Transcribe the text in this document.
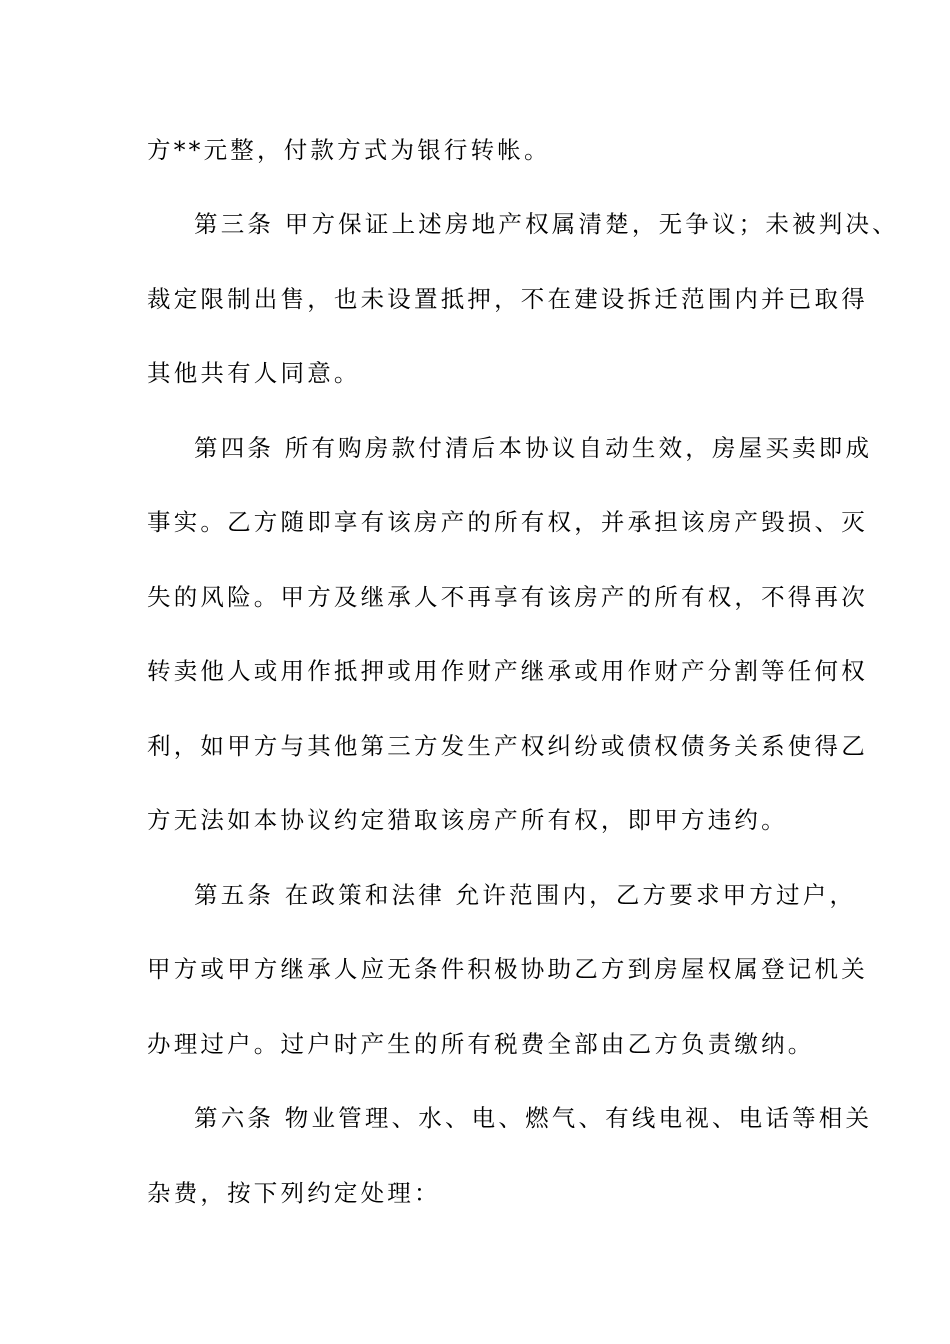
方**元整，付款方式为银行转帐。
第三条 甲方保证上述房地产权属清楚，无争议；未被判决、
裁定限制出售，也未设置抵押，不在建设拆迁范围内并已取得
其他共有人同意。
第四条 所有购房款付清后本协议自动生效，房屋买卖即成
事实。乙方随即享有该房产的所有权，并承担该房产毁损、灭
失的风险。甲方及继承人不再享有该房产的所有权，不得再次
转卖他人或用作抵押或用作财产继承或用作财产分割等任何权
利，如甲方与其他第三方发生产权纠纷或债权债务关系使得乙
方无法如本协议约定猎取该房产所有权，即甲方违约。
第五条 在政策和法律 允许范围内，乙方要求甲方过户，
甲方或甲方继承人应无条件积极协助乙方到房屋权属登记机关
办理过户。过户时产生的所有税费全部由乙方负责缴纳。
第六条 物业管理、水、电、燃气、有线电视、电话等相关
杂费，按下列约定处理：
